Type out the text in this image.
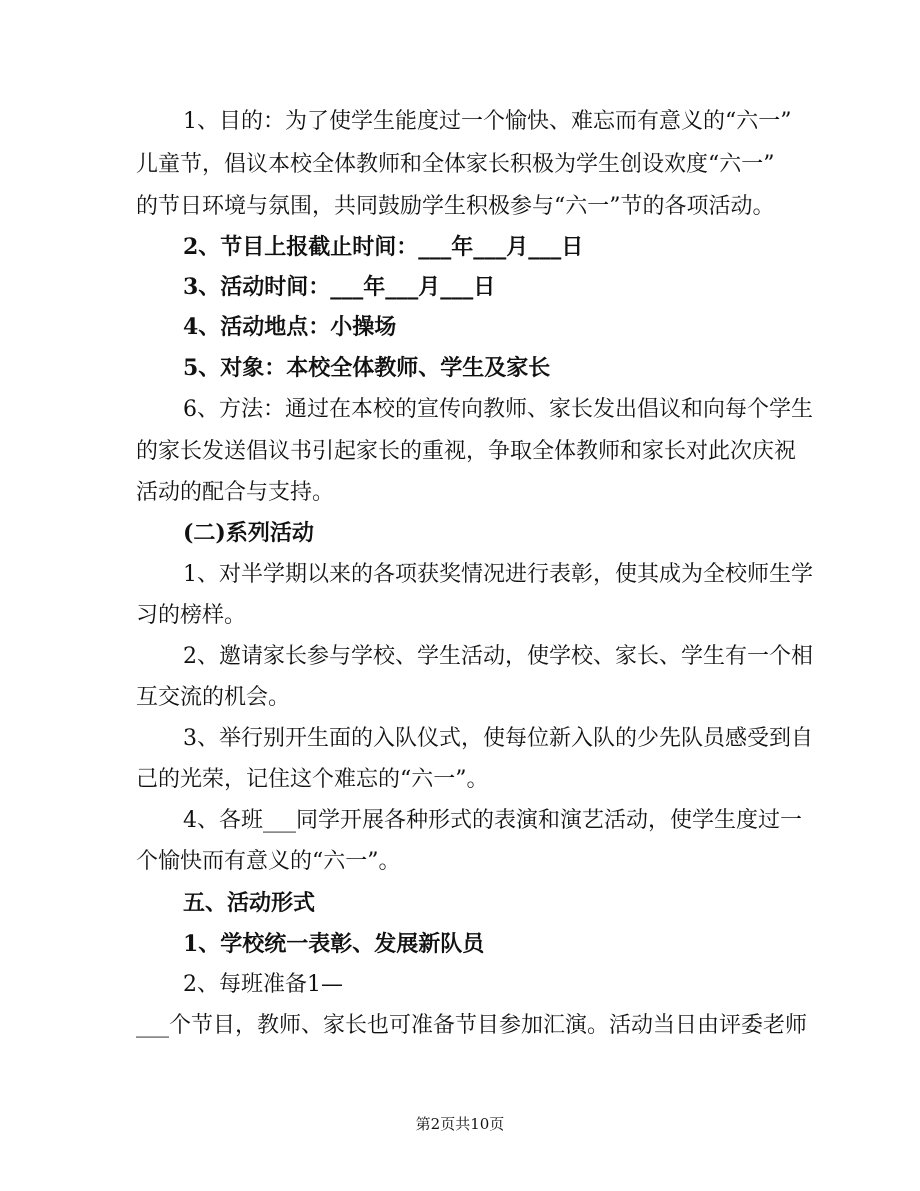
1、目的：为了使学生能度过一个愉快、难忘而有意义的“六一”
儿童节，倡议本校全体教师和全体家长积极为学生创设欢度“六一”
的节日环境与氛围，共同鼓励学生积极参与“六一”节的各项活动。
2、节目上报截止时间：___年___月___日
3、活动时间：___年___月___日
4、活动地点：小操场
5、对象：本校全体教师、学生及家长
6、方法：通过在本校的宣传向教师、家长发出倡议和向每个学生
的家长发送倡议书引起家长的重视，争取全体教师和家长对此次庆祝
活动的配合与支持。
(二)系列活动
1、对半学期以来的各项获奖情况进行表彰，使其成为全校师生学
习的榜样。
2、邀请家长参与学校、学生活动，使学校、家长、学生有一个相
互交流的机会。
3、举行别开生面的入队仪式，使每位新入队的少先队员感受到自
己的光荣，记住这个难忘的“六一”。
4、各班___同学开展各种形式的表演和演艺活动，使学生度过一
个愉快而有意义的“六一”。
五、活动形式
1、学校统一表彰、发展新队员
2、每班准备1—
___个节目，教师、家长也可准备节目参加汇演。活动当日由评委老师
第2页共10页
